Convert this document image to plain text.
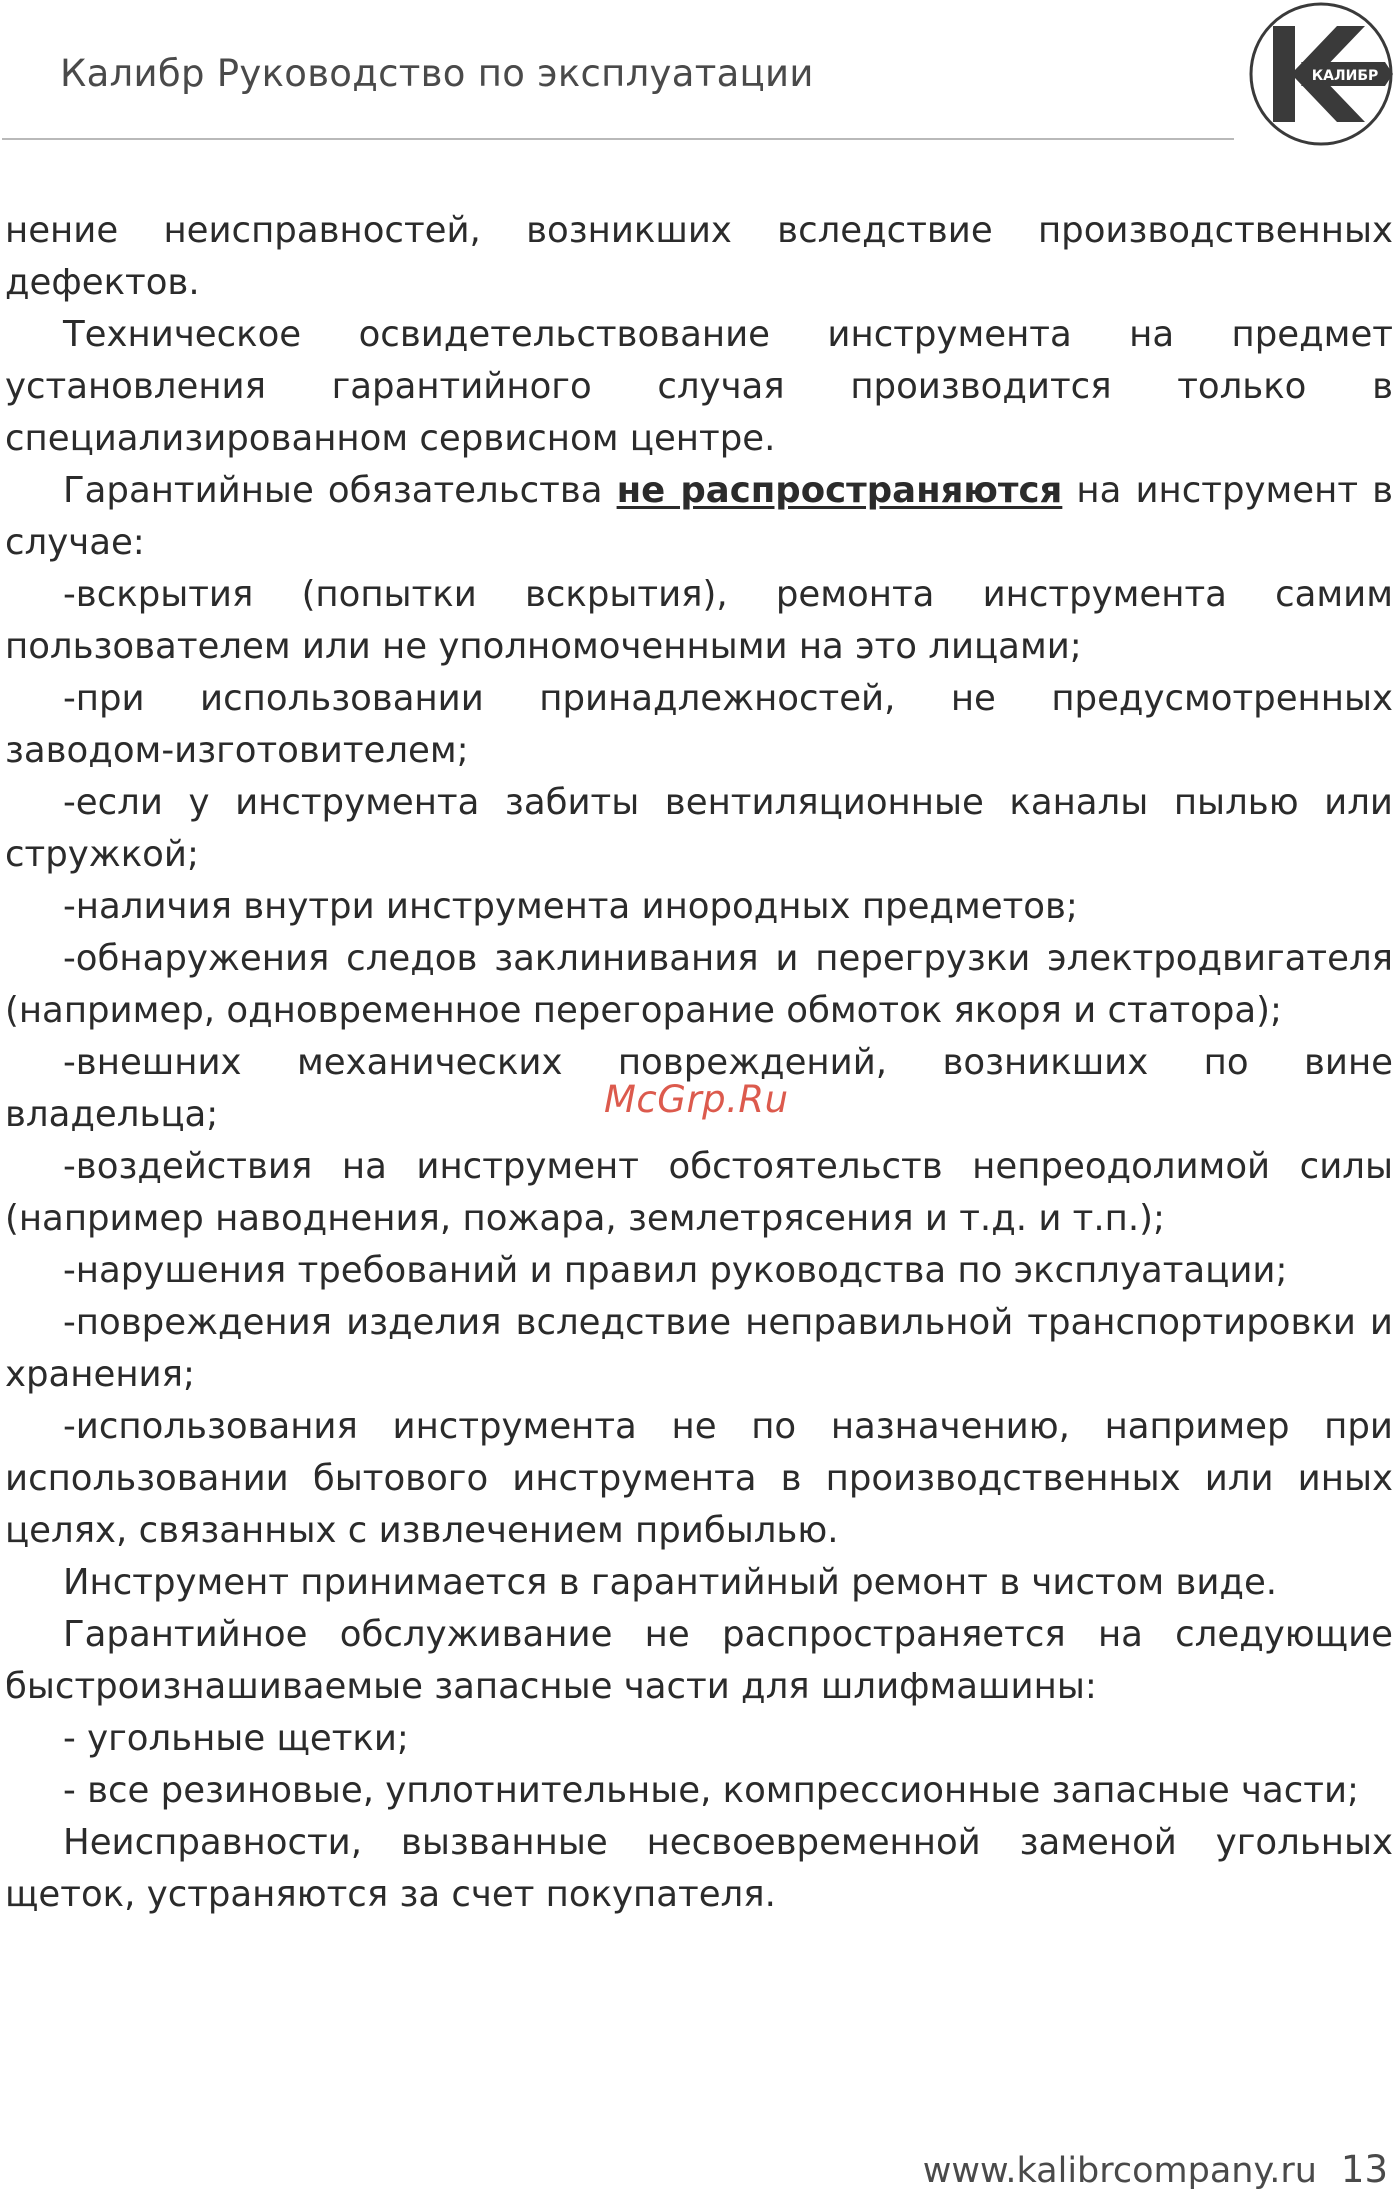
Калибр Руководство по эксплуатации	КАЛИБР

нение неисправностей, возникших вследствие производственных дефектов.

Техническое освидетельствование инструмента на предмет установления гарантийного случая производится только в специализированном сервисном центре.

Гарантийные обязательства не распространяются на инструмент в случае:

-вскрытия (попытки вскрытия), ремонта инструмента самим пользователем или не уполномоченными на это лицами;

-при использовании принадлежностей, не предусмотренных заводом-​изготовителем;

-если у инструмента забиты вентиляционные каналы пылью или стружкой;

-наличия внутри инструмента инородных предметов;

-обнаружения следов заклинивания и перегрузки электродвигателя (например, одновременное перегорание обмоток якоря и статора);

-внешних механических повреждений, возникших по вине владельца;

-воздействия на инструмент обстоятельств непреодолимой силы (например наводнения, пожара, землетрясения и т.д. и т.п.);

-нарушения требований и правил руководства по эксплуатации;

-повреждения изделия вследствие неправильной транспортировки и хранения;

-использования инструмента не по назначению, например при использовании бытового инструмента в производственных или иных целях, связанных с извлечением прибылью.

Инструмент принимается в гарантийный ремонт в чистом виде.

Гарантийное обслуживание не распространяется на следующие быстроизнашиваемые запасные части для шлифмашины:

- угольные щетки;

- все резиновые, уплотнительные, компрессионные запасные части;

Неисправности, вызванные несвоевременной заменой угольных щеток, устраняются за счет покупателя.

McGrp.Ru
www.kalibrcompany.ru 13
